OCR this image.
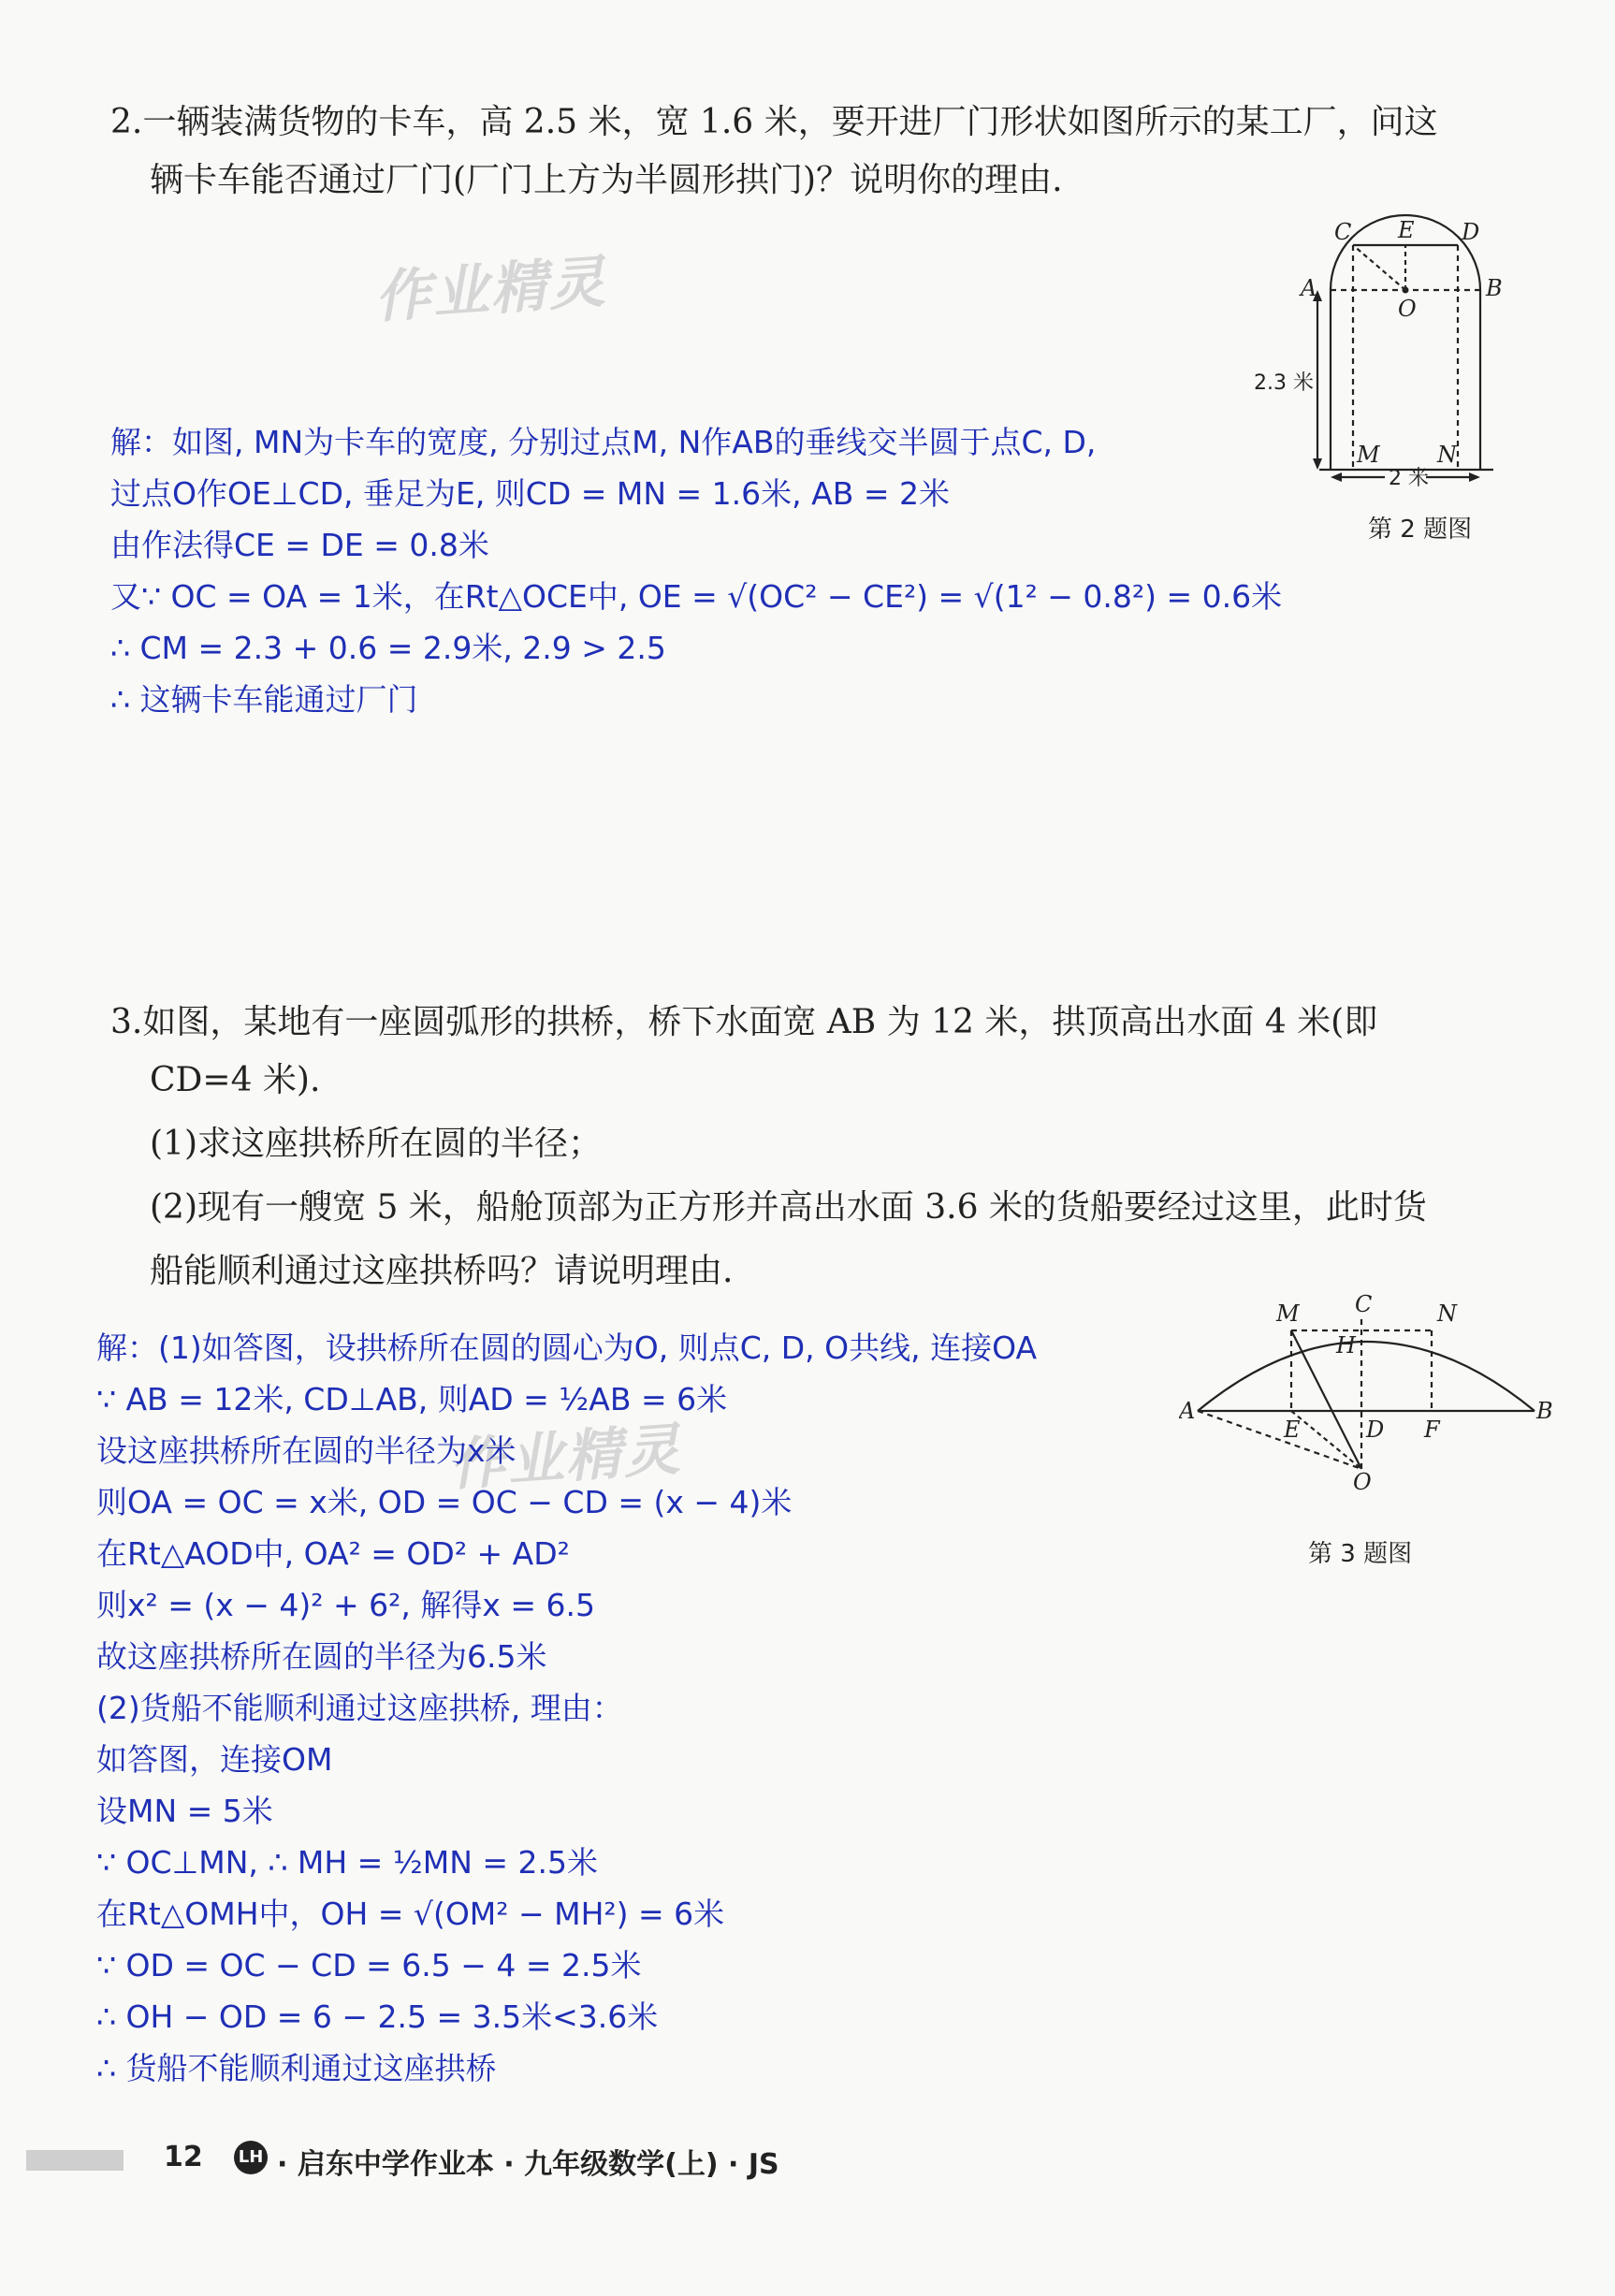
作业精灵
作业精灵
2.一辆装满货物的卡车，高 2.5 米，宽 1.6 米，要开进厂门形状如图所示的某工厂，问这
辆卡车能否通过厂门(厂门上方为半圆形拱门)？说明你的理由.
C E D
A
O
B
M	N
2.3 米
2 米
第 2 题图
解：如图, MN为卡车的宽度, 分别过点M, N作AB的垂线交半圆于点C, D,
过点O作OE⊥CD, 垂足为E, 则CD = MN = 1.6米, AB = 2米
由作法得CE = DE = 0.8米
又∵ OC = OA = 1米，在Rt△OCE中, OE = √(OC² − CE²) = √(1² − 0.8²) = 0.6米
∴ CM = 2.3 + 0.6 = 2.9米, 2.9 > 2.5
∴ 这辆卡车能通过厂门
3.如图，某地有一座圆弧形的拱桥，桥下水面宽 AB 为 12 米，拱顶高出水面 4 米(即
CD=4 米).
(1)求这座拱桥所在圆的半径；
(2)现有一艘宽 5 米，船舱顶部为正方形并高出水面 3.6 米的货船要经过这里，此时货
船能顺利通过这座拱桥吗？请说明理由.
M C	N
H
A
E	D F
B
O
第 3 题图
解：(1)如答图，设拱桥所在圆的圆心为O, 则点C, D, O共线, 连接OA
∵ AB = 12米, CD⊥AB, 则AD = ½AB = 6米
设这座拱桥所在圆的半径为x米
则OA = OC = x米, OD = OC − CD = (x − 4)米
在Rt△AOD中, OA² = OD² + AD²
则x² = (x − 4)² + 6², 解得x = 6.5
故这座拱桥所在圆的半径为6.5米
(2)货船不能顺利通过这座拱桥, 理由：
如答图，连接OM
设MN = 5米
∵ OC⊥MN, ∴ MH = ½MN = 2.5米
在Rt△OMH中，OH = √(OM² − MH²) = 6米
∵ OD = OC − CD = 6.5 − 4 = 2.5米
∴ OH − OD = 6 − 2.5 = 3.5米<3.6米
∴ 货船不能顺利通过这座拱桥
12 LH · 启东中学作业本 · 九年级数学(上) · JS
